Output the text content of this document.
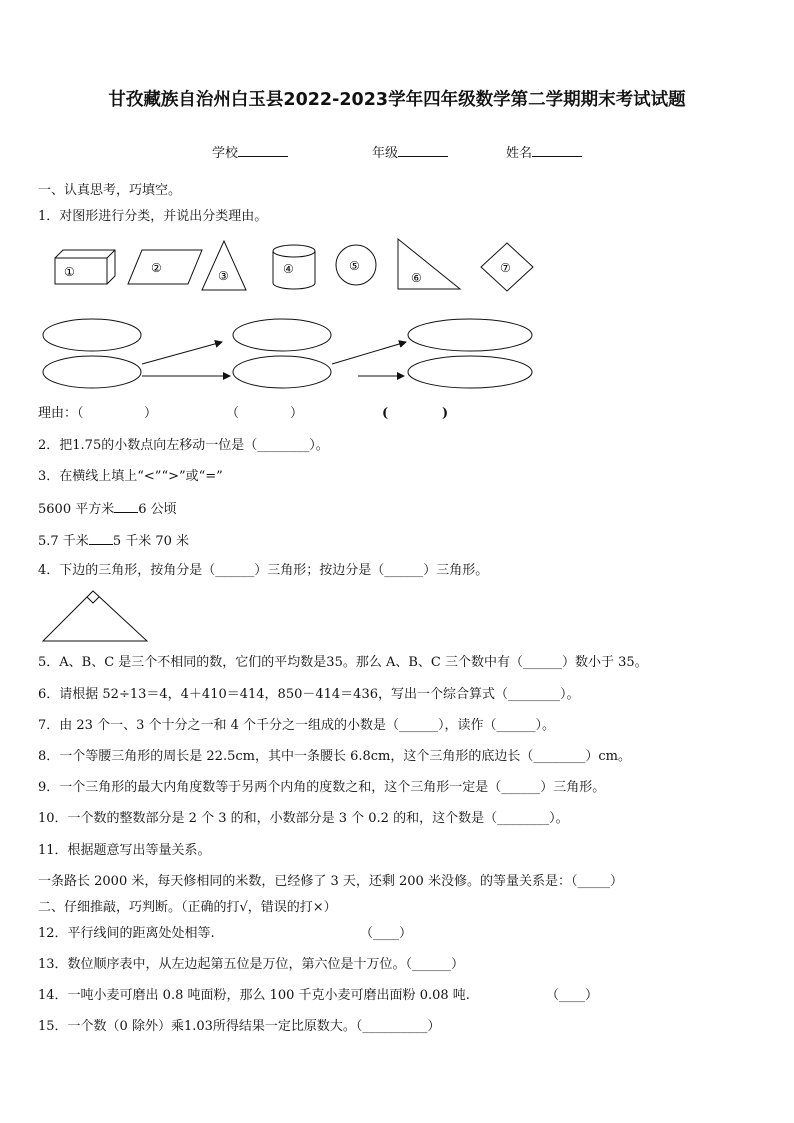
甘孜藏族自治州白玉县2022-2023学年四年级数学第二学期期末考试试题
学校	年级	姓名
一、认真思考，巧填空。
1．对图形进行分类，并说出分类理由。
①	②
③	④	⑤
⑥
⑦
理由：（	）	（	）	(	)
2．把1.75的小数点向左移动一位是（________）。
3．在横线上填上“<”“>”或“=”
5600 平方米 6 公顷
5.7 千米 5 千米 70 米
4．下边的三角形，按角分是（______）三角形；按边分是（______）三角形。
5．A、B、C 是三个不相同的数，它们的平均数是35。那么 A、B、C 三个数中有（______）数小于 35。
6．请根据 52÷13＝4，4＋410＝414，850－414＝436，写出一个综合算式（________）。
7．由 23 个一、3 个十分之一和 4 个千分之一组成的小数是（______），读作（______）。
8．一个等腰三角形的周长是 22.5cm，其中一条腰长 6.8cm，这个三角形的底边长（________）cm。
9．一个三角形的最大内角度数等于另两个内角的度数之和，这个三角形一定是（______）三角形。
10．一个数的整数部分是 2 个 3 的和，小数部分是 3 个 0.2 的和，这个数是（________）。
11．根据题意写出等量关系。
一条路长 2000 米，每天修相同的米数，已经修了 3 天，还剩 200 米没修。的等量关系是：（_____）
二、仔细推敲，巧判断。（正确的打√，错误的打×）
12．平行线间的距离处处相等.	（____）
13．数位顺序表中，从左边起第五位是万位，第六位是十万位。（______）
14．一吨小麦可磨出 0.8 吨面粉，那么 100 千克小麦可磨出面粉 0.08 吨.	（____）
15．一个数（0 除外）乘1.03所得结果一定比原数大。（__________）
